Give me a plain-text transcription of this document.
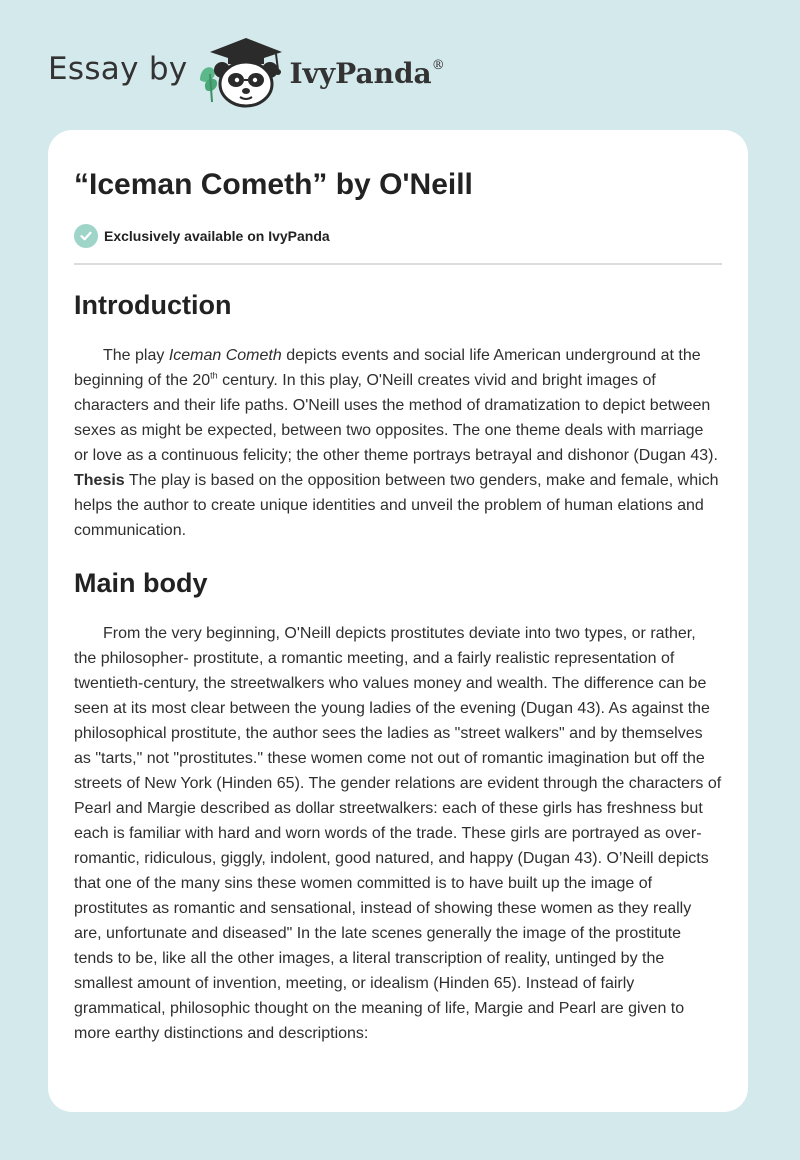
Essay by	IvyPanda®
“Iceman Cometh” by O'Neill
Exclusively available on IvyPanda
Introduction

The play Iceman Cometh depicts events and social life American underground at the beginning of the 20th century. In this play, O'Neill creates vivid and bright images of characters and their life paths. O'Neill uses the method of dramatization to depict between sexes as might be expected, between two opposites. The one theme deals with marriage or love as a continuous felicity; the other theme portrays betrayal and dishonor (Dugan 43). Thesis The play is based on the opposition between two genders, make and female, which helps the author to create unique identities and unveil the problem of human elations and communication.

Main body

From the very beginning, O'Neill depicts prostitutes deviate into two types, or rather, the philosopher- prostitute, a romantic meeting, and a fairly realistic representation of twentieth-century, the streetwalkers who values money and wealth. The difference can be seen at its most clear between the young ladies of the evening (Dugan 43). As against the philosophical prostitute, the author sees the ladies as "street walkers" and by themselves as "tarts," not "prostitutes." these women come not out of romantic imagination but off the streets of New York (Hinden 65). The gender relations are evident through the characters of Pearl and Margie described as dollar streetwalkers: each of these girls has freshness but each is familiar with hard and worn words of the trade. These girls are portrayed as over-romantic, ridiculous, giggly, indolent, good natured, and happy (Dugan 43). O’Neill depicts that one of the many sins these women committed is to have built up the image of prostitutes as romantic and sensational, instead of showing these women as they really are, unfortunate and diseased" In the late scenes generally the image of the prostitute tends to be, like all the other images, a literal transcription of reality, untinged by the smallest amount of invention, meeting, or idealism (Hinden 65). Instead of fairly grammatical, philosophic thought on the meaning of life, Margie and Pearl are given to more earthy distinctions and descriptions:
